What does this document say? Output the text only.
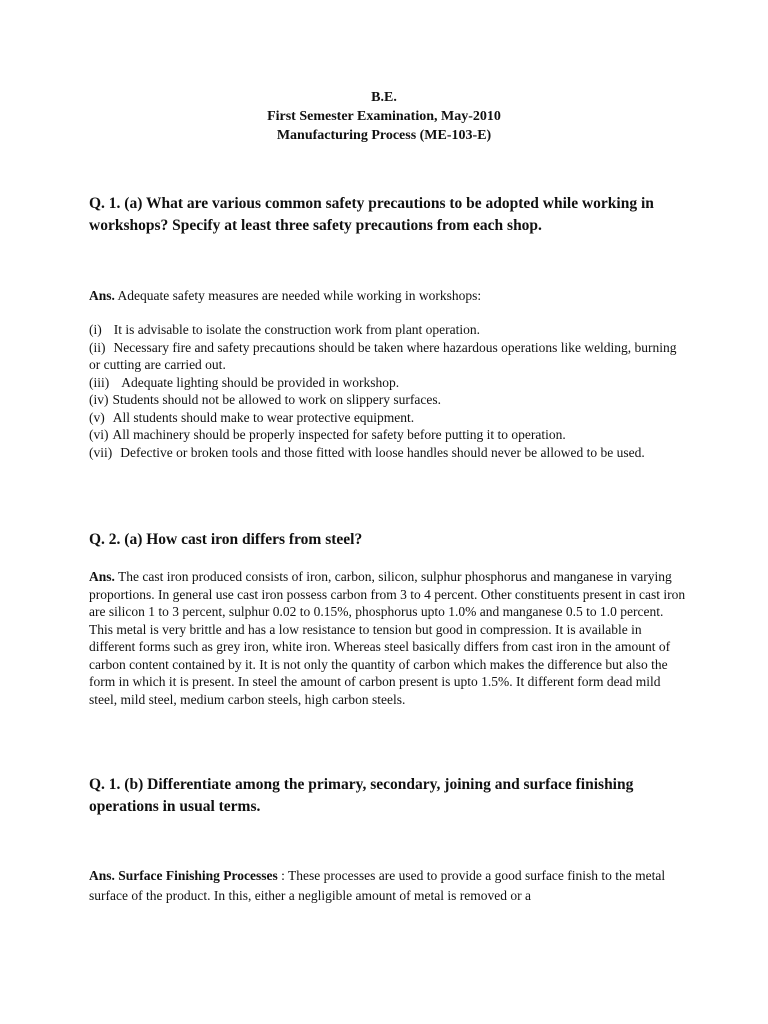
B.E.
First Semester Examination, May-2010
Manufacturing Process (ME-103-E)

Q. 1. (a) What are various common safety precautions to be adopted while working in workshops? Specify at least three safety precautions from each shop.

Ans. Adequate safety measures are needed while working in workshops:

(i) It is advisable to isolate the construction work from plant operation.

(ii) Necessary fire and safety precautions should be taken where hazardous operations like welding, burning or cutting are carried out.

(iii) Adequate lighting should be provided in workshop.

(iv) Students should not be allowed to work on slippery surfaces.

(v) All students should make to wear protective equipment.

(vi) All machinery should be properly inspected for safety before putting it to operation.

(vii) Defective or broken tools and those fitted with loose handles should never be allowed to be used.

Q. 2. (a) How cast iron differs from steel?

Ans. The cast iron produced consists of iron, carbon, silicon, sulphur phosphorus and manganese in varying proportions. In general use cast iron possess carbon from 3 to 4 percent. Other constituents present in cast iron are silicon 1 to 3 percent, sulphur 0.02 to 0.15%, phosphorus upto 1.0% and manganese 0.5 to 1.0 percent. This metal is very brittle and has a low resistance to tension but good in compression. It is available in different forms such as grey iron, white iron. Whereas steel basically differs from cast iron in the amount of carbon content contained by it. It is not only the quantity of carbon which makes the difference but also the form in which it is present. In steel the amount of carbon present is upto 1.5%. It different form dead mild steel, mild steel, medium carbon steels, high carbon steels.

Q. 1. (b) Differentiate among the primary, secondary, joining and surface finishing operations in usual terms.

Ans. Surface Finishing Processes : These processes are used to provide a good surface finish to the metal surface of the product. In this, either a negligible amount of metal is removed or a
